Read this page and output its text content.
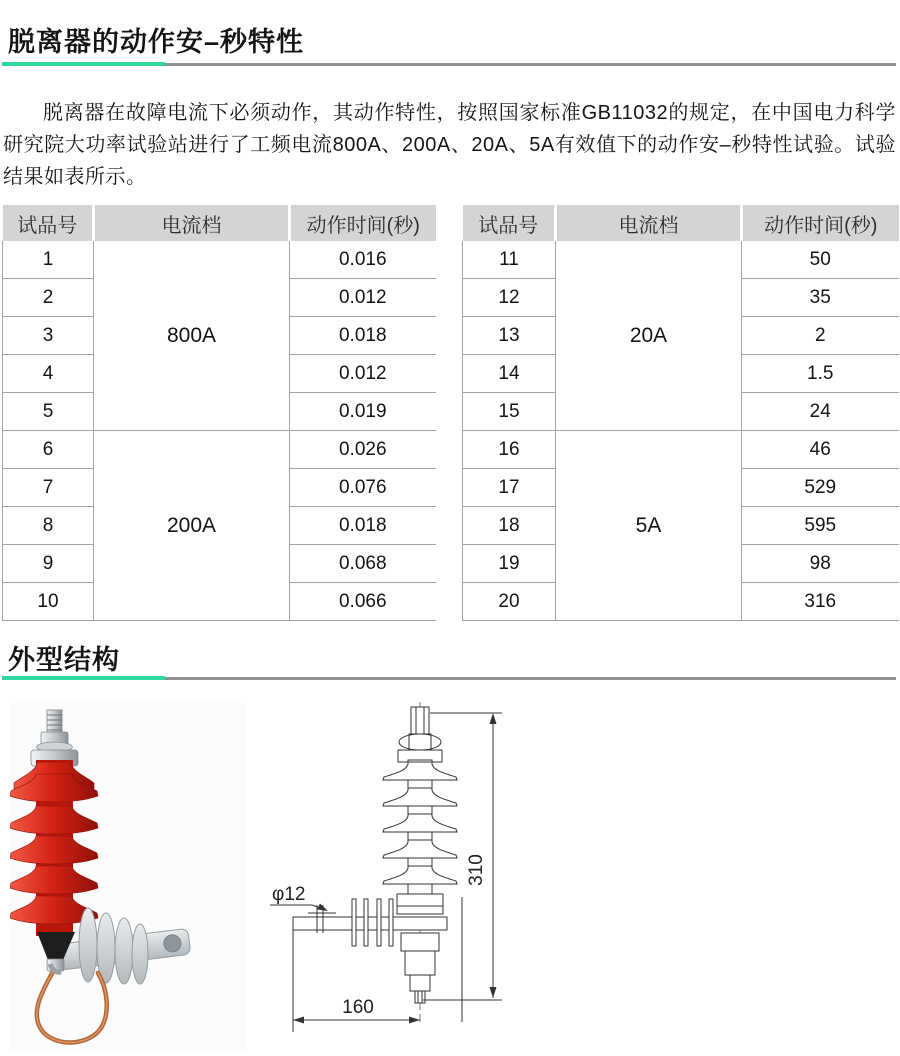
脱离器的动作安–秒特性
脱离器在故障电流下必须动作，其动作特性，按照国家标准GB11032的规定，在中国电力科学研究院大功率试验站进行了工频电流800A、200A、20A、5A有效值下的动作安–秒特性试验。试验结果如表所示。
试品号	电流档	动作时间(秒)
1	800A	0.016
2		0.012
3		0.018
4		0.012
5		0.019
6	200A	0.026
7		0.076
8		0.018
9		0.068
10		0.066
试品号	电流档	动作时间(秒)
11	20A	50
12		35
13		2
14		1.5
15		24
16	5A	46
17		529
18		595
19		98
20		316
外型结构
310
160
φ12
